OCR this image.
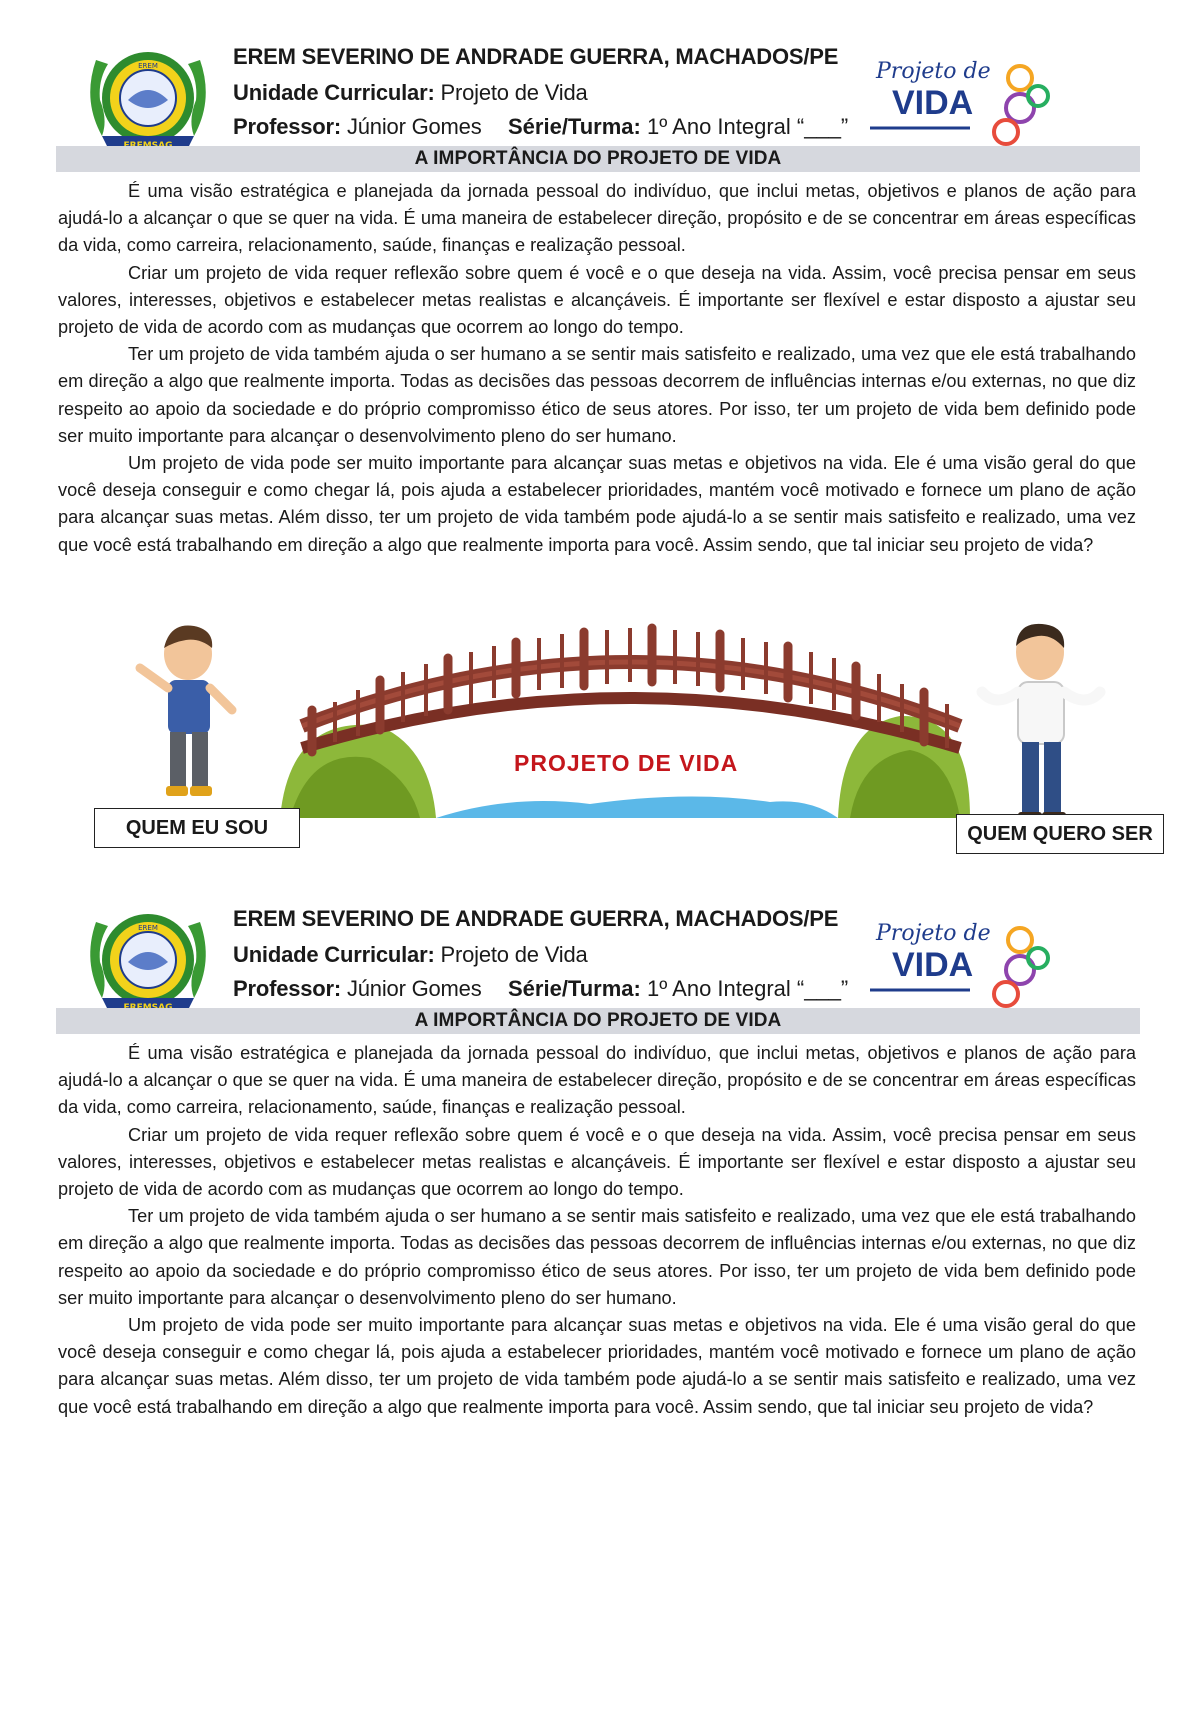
EREM	EREM SEVERINO DE ANDRADE GUERRA, MACHADOS/PE
Unidade Curricular: Projeto de Vida
Professor: Júnior Gomes Série/Turma: 1º Ano Integral “___”
Projeto de
VIDA
A IMPORTÂNCIA DO PROJETO DE VIDA

É uma visão estratégica e planejada da jornada pessoal do indivíduo, que inclui metas, objetivos e planos de ação para ajudá-lo a alcançar o que se quer na vida. É uma maneira de estabelecer direção, propósito e de se concentrar em áreas específicas da vida, como carreira, relacionamento, saúde, finanças e realização pessoal.

Criar um projeto de vida requer reflexão sobre quem é você e o que deseja na vida. Assim, você precisa pensar em seus valores, interesses, objetivos e estabelecer metas realistas e alcançáveis. É importante ser flexível e estar disposto a ajustar seu projeto de vida de acordo com as mudanças que ocorrem ao longo do tempo.

Ter um projeto de vida também ajuda o ser humano a se sentir mais satisfeito e realizado, uma vez que ele está trabalhando em direção a algo que realmente importa. Todas as decisões das pessoas decorrem de influências internas e/ou externas, no que diz respeito ao apoio da sociedade e do próprio compromisso ético de seus atores. Por isso, ter um projeto de vida bem definido pode ser muito importante para alcançar o desenvolvimento pleno do ser humano.

Um projeto de vida pode ser muito importante para alcançar suas metas e objetivos na vida. Ele é uma visão geral do que você deseja conseguir e como chegar lá, pois ajuda a estabelecer prioridades, mantém você motivado e fornece um plano de ação para alcançar suas metas. Além disso, ter um projeto de vida também pode ajudá-lo a se sentir mais satisfeito e realizado, uma vez que você está trabalhando em direção a algo que realmente importa para você. Assim sendo, que tal iniciar seu projeto de vida?

PROJETO DE VIDA
QUEM EU SOU	QUEM QUERO SER
EREM	EREM SEVERINO DE ANDRADE GUERRA, MACHADOS/PE
Unidade Curricular: Projeto de Vida
Professor: Júnior Gomes Série/Turma: 1º Ano Integral “___”
Projeto de
VIDA
A IMPORTÂNCIA DO PROJETO DE VIDA

É uma visão estratégica e planejada da jornada pessoal do indivíduo, que inclui metas, objetivos e planos de ação para ajudá-lo a alcançar o que se quer na vida. É uma maneira de estabelecer direção, propósito e de se concentrar em áreas específicas da vida, como carreira, relacionamento, saúde, finanças e realização pessoal.

Criar um projeto de vida requer reflexão sobre quem é você e o que deseja na vida. Assim, você precisa pensar em seus valores, interesses, objetivos e estabelecer metas realistas e alcançáveis. É importante ser flexível e estar disposto a ajustar seu projeto de vida de acordo com as mudanças que ocorrem ao longo do tempo.

Ter um projeto de vida também ajuda o ser humano a se sentir mais satisfeito e realizado, uma vez que ele está trabalhando em direção a algo que realmente importa. Todas as decisões das pessoas decorrem de influências internas e/ou externas, no que diz respeito ao apoio da sociedade e do próprio compromisso ético de seus atores. Por isso, ter um projeto de vida bem definido pode ser muito importante para alcançar o desenvolvimento pleno do ser humano.

Um projeto de vida pode ser muito importante para alcançar suas metas e objetivos na vida. Ele é uma visão geral do que você deseja conseguir e como chegar lá, pois ajuda a estabelecer prioridades, mantém você motivado e fornece um plano de ação para alcançar suas metas. Além disso, ter um projeto de vida também pode ajudá-lo a se sentir mais satisfeito e realizado, uma vez que você está trabalhando em direção a algo que realmente importa para você. Assim sendo, que tal iniciar seu projeto de vida?
